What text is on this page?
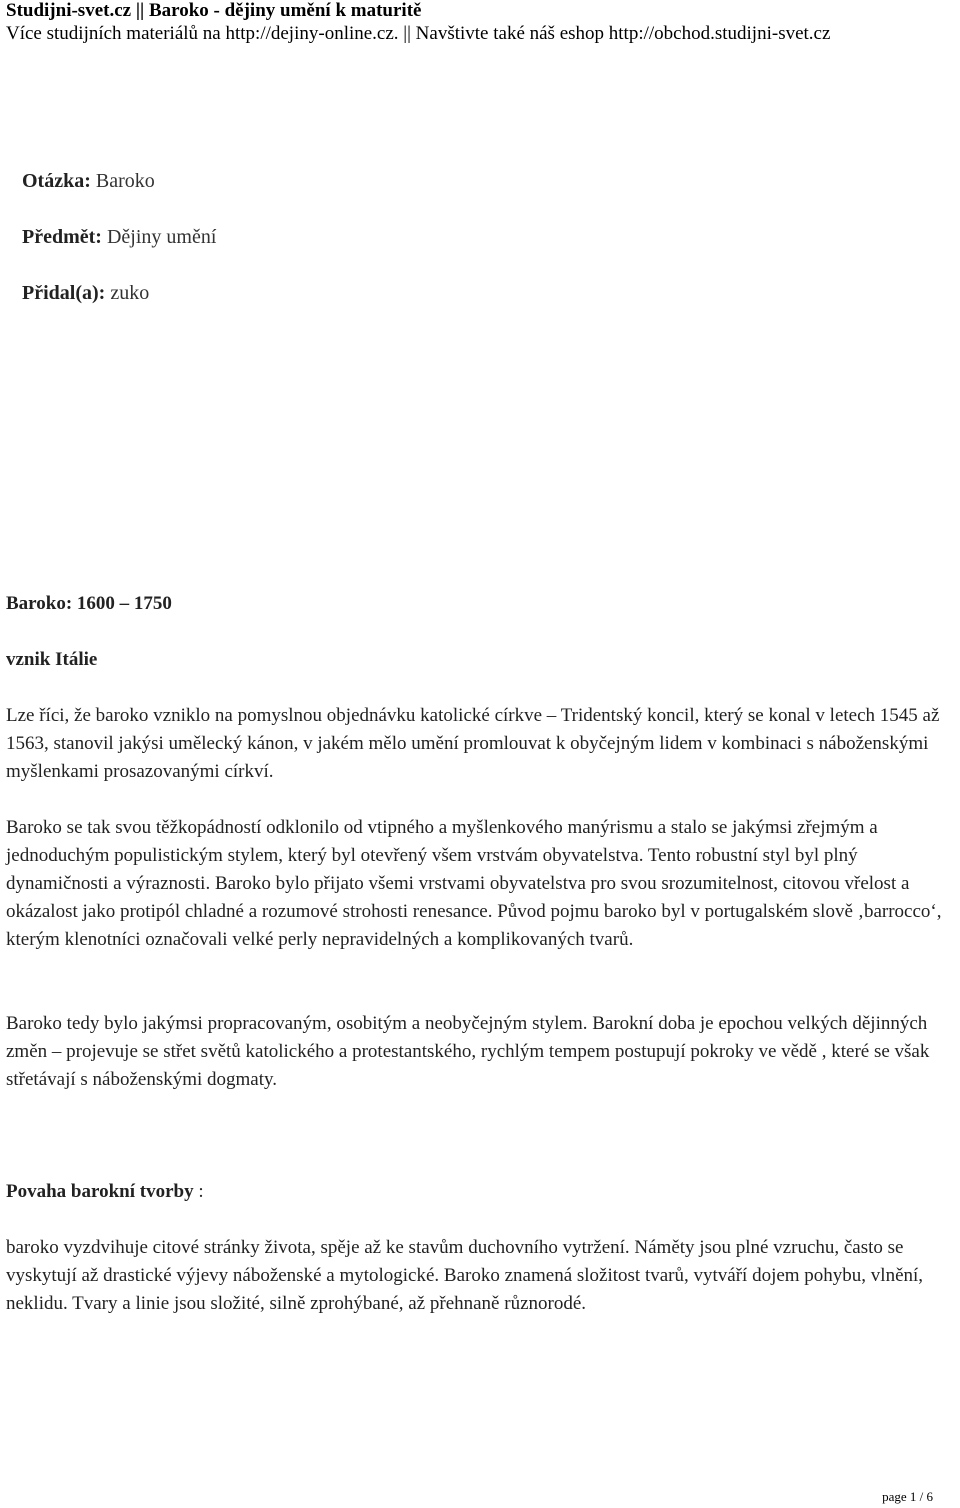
Studijni-svet.cz || Baroko - dějiny umění k maturitě
Více studijních materiálů na http://dejiny-online.cz. || Navštivte také náš eshop http://obchod.studijni-svet.cz
Otázka: Baroko
Předmět: Dějiny umění
Přidal(a): zuko
Baroko: 1600 – 1750
vznik Itálie
Lze říci, že baroko vzniklo na pomyslnou objednávku katolické církve – Tridentský koncil, který se konal v letech 1545 až 1563, stanovil jakýsi umělecký kánon, v jakém mělo umění promlouvat k obyčejným lidem v kombinaci s náboženskými myšlenkami prosazovanými církví.
Baroko se tak svou těžkopádností odklonilo od vtipného a myšlenkového manýrismu a stalo se jakýmsi zřejmým a jednoduchým populistickým stylem, který byl otevřený všem vrstvám obyvatelstva. Tento robustní styl byl plný dynamičnosti a výraznosti. Baroko bylo přijato všemi vrstvami obyvatelstva pro svou srozumitelnost, citovou vřelost a okázalost jako protipól chladné a rozumové strohosti renesance. Původ pojmu baroko byl v portugalském slově ‚barrocco‘, kterým klenotníci označovali velké perly nepravidelných a komplikovaných tvarů.
Baroko tedy bylo jakýmsi propracovaným, osobitým a neobyčejným stylem. Barokní doba je epochou velkých dějinných změn – projevuje se střet světů katolického a protestantského, rychlým tempem postupují pokroky ve vědě , které se však střetávají s náboženskými dogmaty.
Povaha barokní tvorby :
baroko vyzdvihuje citové stránky života, spěje až ke stavům duchovního vytržení. Náměty jsou plné vzruchu, často se vyskytují až drastické výjevy náboženské a mytologické. Baroko znamená složitost tvarů, vytváří dojem pohybu, vlnění, neklidu. Tvary a linie jsou složité, silně zprohýbané, až přehnaně různorodé.
page 1 / 6
